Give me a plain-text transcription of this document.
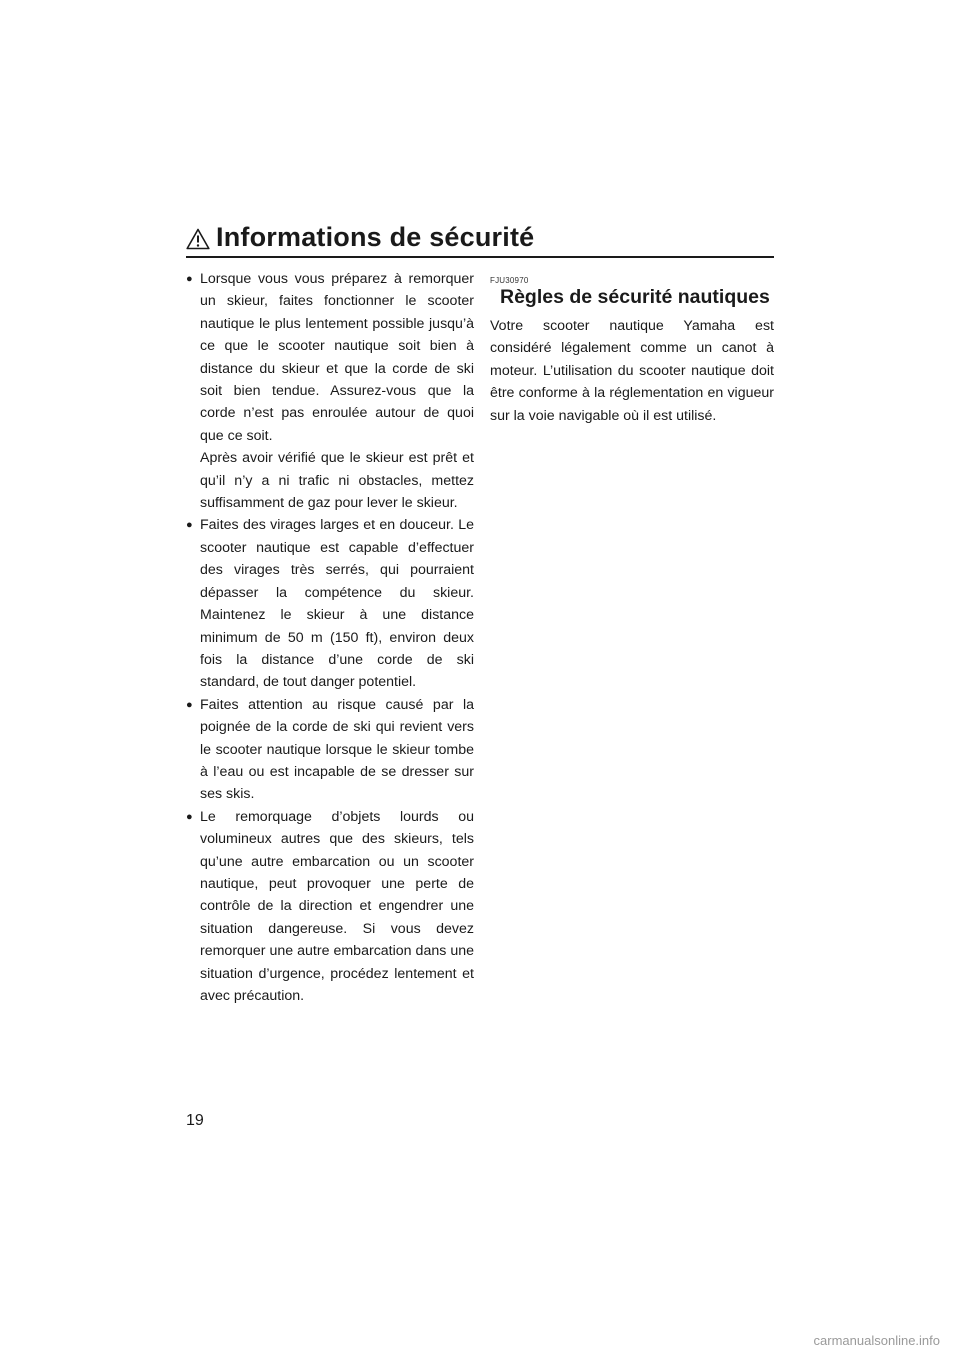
Informations de sécurité
● Lorsque vous vous préparez à remorquer un skieur, faites fonctionner le scooter nautique le plus lentement possible jusqu’à ce que le scooter nautique soit bien à distance du skieur et que la corde de ski soit bien tendue. Assurez-vous que la corde n’est pas enroulée autour de quoi que ce soit.

Après avoir vérifié que le skieur est prêt et qu’il n’y a ni trafic ni obstacles, mettez suffisamment de gaz pour lever le skieur.

● Faites des virages larges et en douceur. Le scooter nautique est capable d’effectuer des virages très serrés, qui pourraient dépasser la compétence du skieur. Maintenez le skieur à une distance minimum de 50 m (150 ft), environ deux fois la distance d’une corde de ski standard, de tout danger potentiel.

● Faites attention au risque causé par la poignée de la corde de ski qui revient vers le scooter nautique lorsque le skieur tombe à l’eau ou est incapable de se dresser sur ses skis.

● Le remorquage d’objets lourds ou volumineux autres que des skieurs, tels qu’une autre embarcation ou un scooter nautique, peut provoquer une perte de contrôle de la direction et engendrer une situation dangereuse. Si vous devez remorquer une autre embarcation dans une situation d’urgence, procédez lentement et avec précaution.

FJU30970
Règles de sécurité nautiques

Votre scooter nautique Yamaha est considéré légalement comme un canot à moteur. L’utilisation du scooter nautique doit être conforme à la réglementation en vigueur sur la voie navigable où il est utilisé.

19
carmanualsonline.info
